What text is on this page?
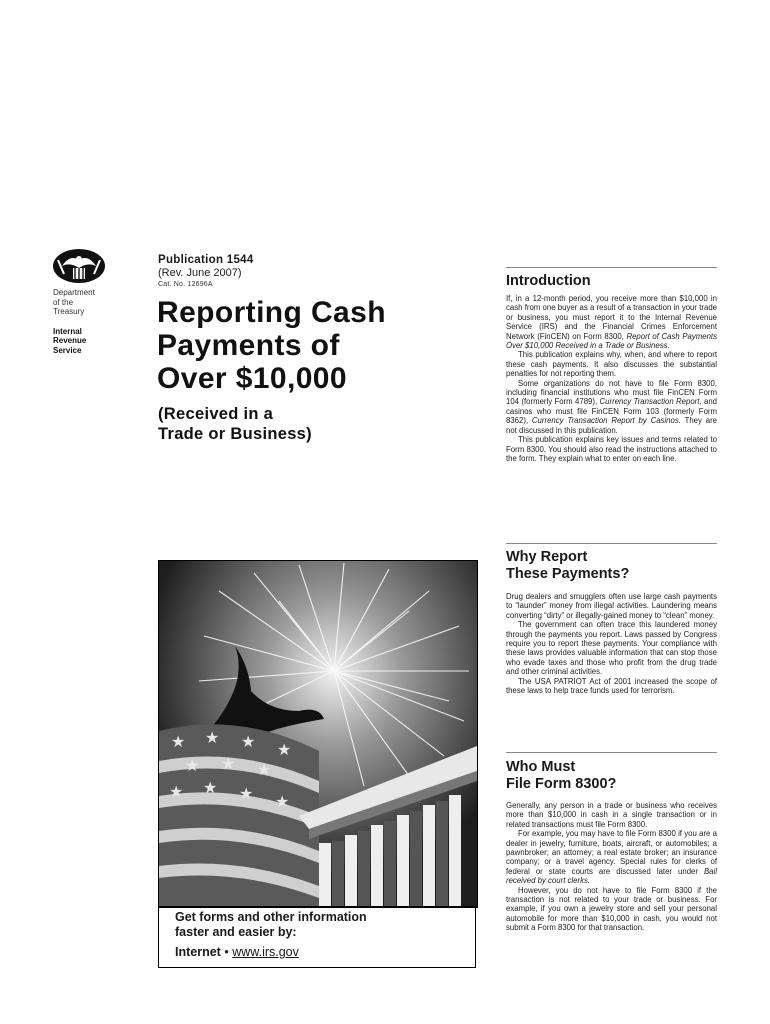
Department
of the
Treasury
Internal
Revenue
Service
Publication 1544
(Rev. June 2007)
Cat. No. 12696A
Reporting Cash
Payments of
Over $10,000
(Received in a
Trade or Business)
★ ★ ★ ★
★ ★ ★
★ ★ ★ ★
Get forms and other information
faster and easier by:
Internet • www.irs.gov
Introduction

If, in a 12-month period, you receive more than $10,000 in cash from one buyer as a result of a transaction in your trade or business, you must report it to the Internal Revenue Service (IRS) and the Financial Crimes Enforcement Network (FinCEN) on Form 8300, Report of Cash Payments Over $10,000 Received in a Trade or Business.

This publication explains why, when, and where to report these cash payments. It also discusses the substantial penalties for not reporting them.

Some organizations do not have to file Form 8300, including financial institutions who must file FinCEN Form 104 (formerly Form 4789), Currency Transaction Report, and casinos who must file FinCEN Form 103 (formerly Form 8362), Currency Transaction Report by Casinos. They are not discussed in this publication.

This publication explains key issues and terms related to Form 8300. You should also read the instructions attached to the form. They explain what to enter on each line.

Why Report
These Payments?

Drug dealers and smugglers often use large cash payments to “launder” money from illegal activities. Laundering means converting “dirty” or illegally-gained money to “clean” money.

The government can often trace this laundered money through the payments you report. Laws passed by Congress require you to report these payments. Your compliance with these laws provides valuable information that can stop those who evade taxes and those who profit from the drug trade and other criminal activities.

The USA PATRIOT Act of 2001 increased the scope of these laws to help trace funds used for terrorism.

Who Must
File Form 8300?

Generally, any person in a trade or business who receives more than $10,000 in cash in a single transaction or in related transactions must file Form 8300.

For example, you may have to file Form 8300 if you are a dealer in jewelry, furniture, boats, aircraft, or automobiles; a pawnbroker; an attorney; a real estate broker; an insurance company; or a travel agency. Special rules for clerks of federal or state courts are discussed later under Bail received by court clerks.

However, you do not have to file Form 8300 if the transaction is not related to your trade or business. For example, if you own a jewelry store and sell your personal automobile for more than $10,000 in cash, you would not submit a Form 8300 for that transaction.
